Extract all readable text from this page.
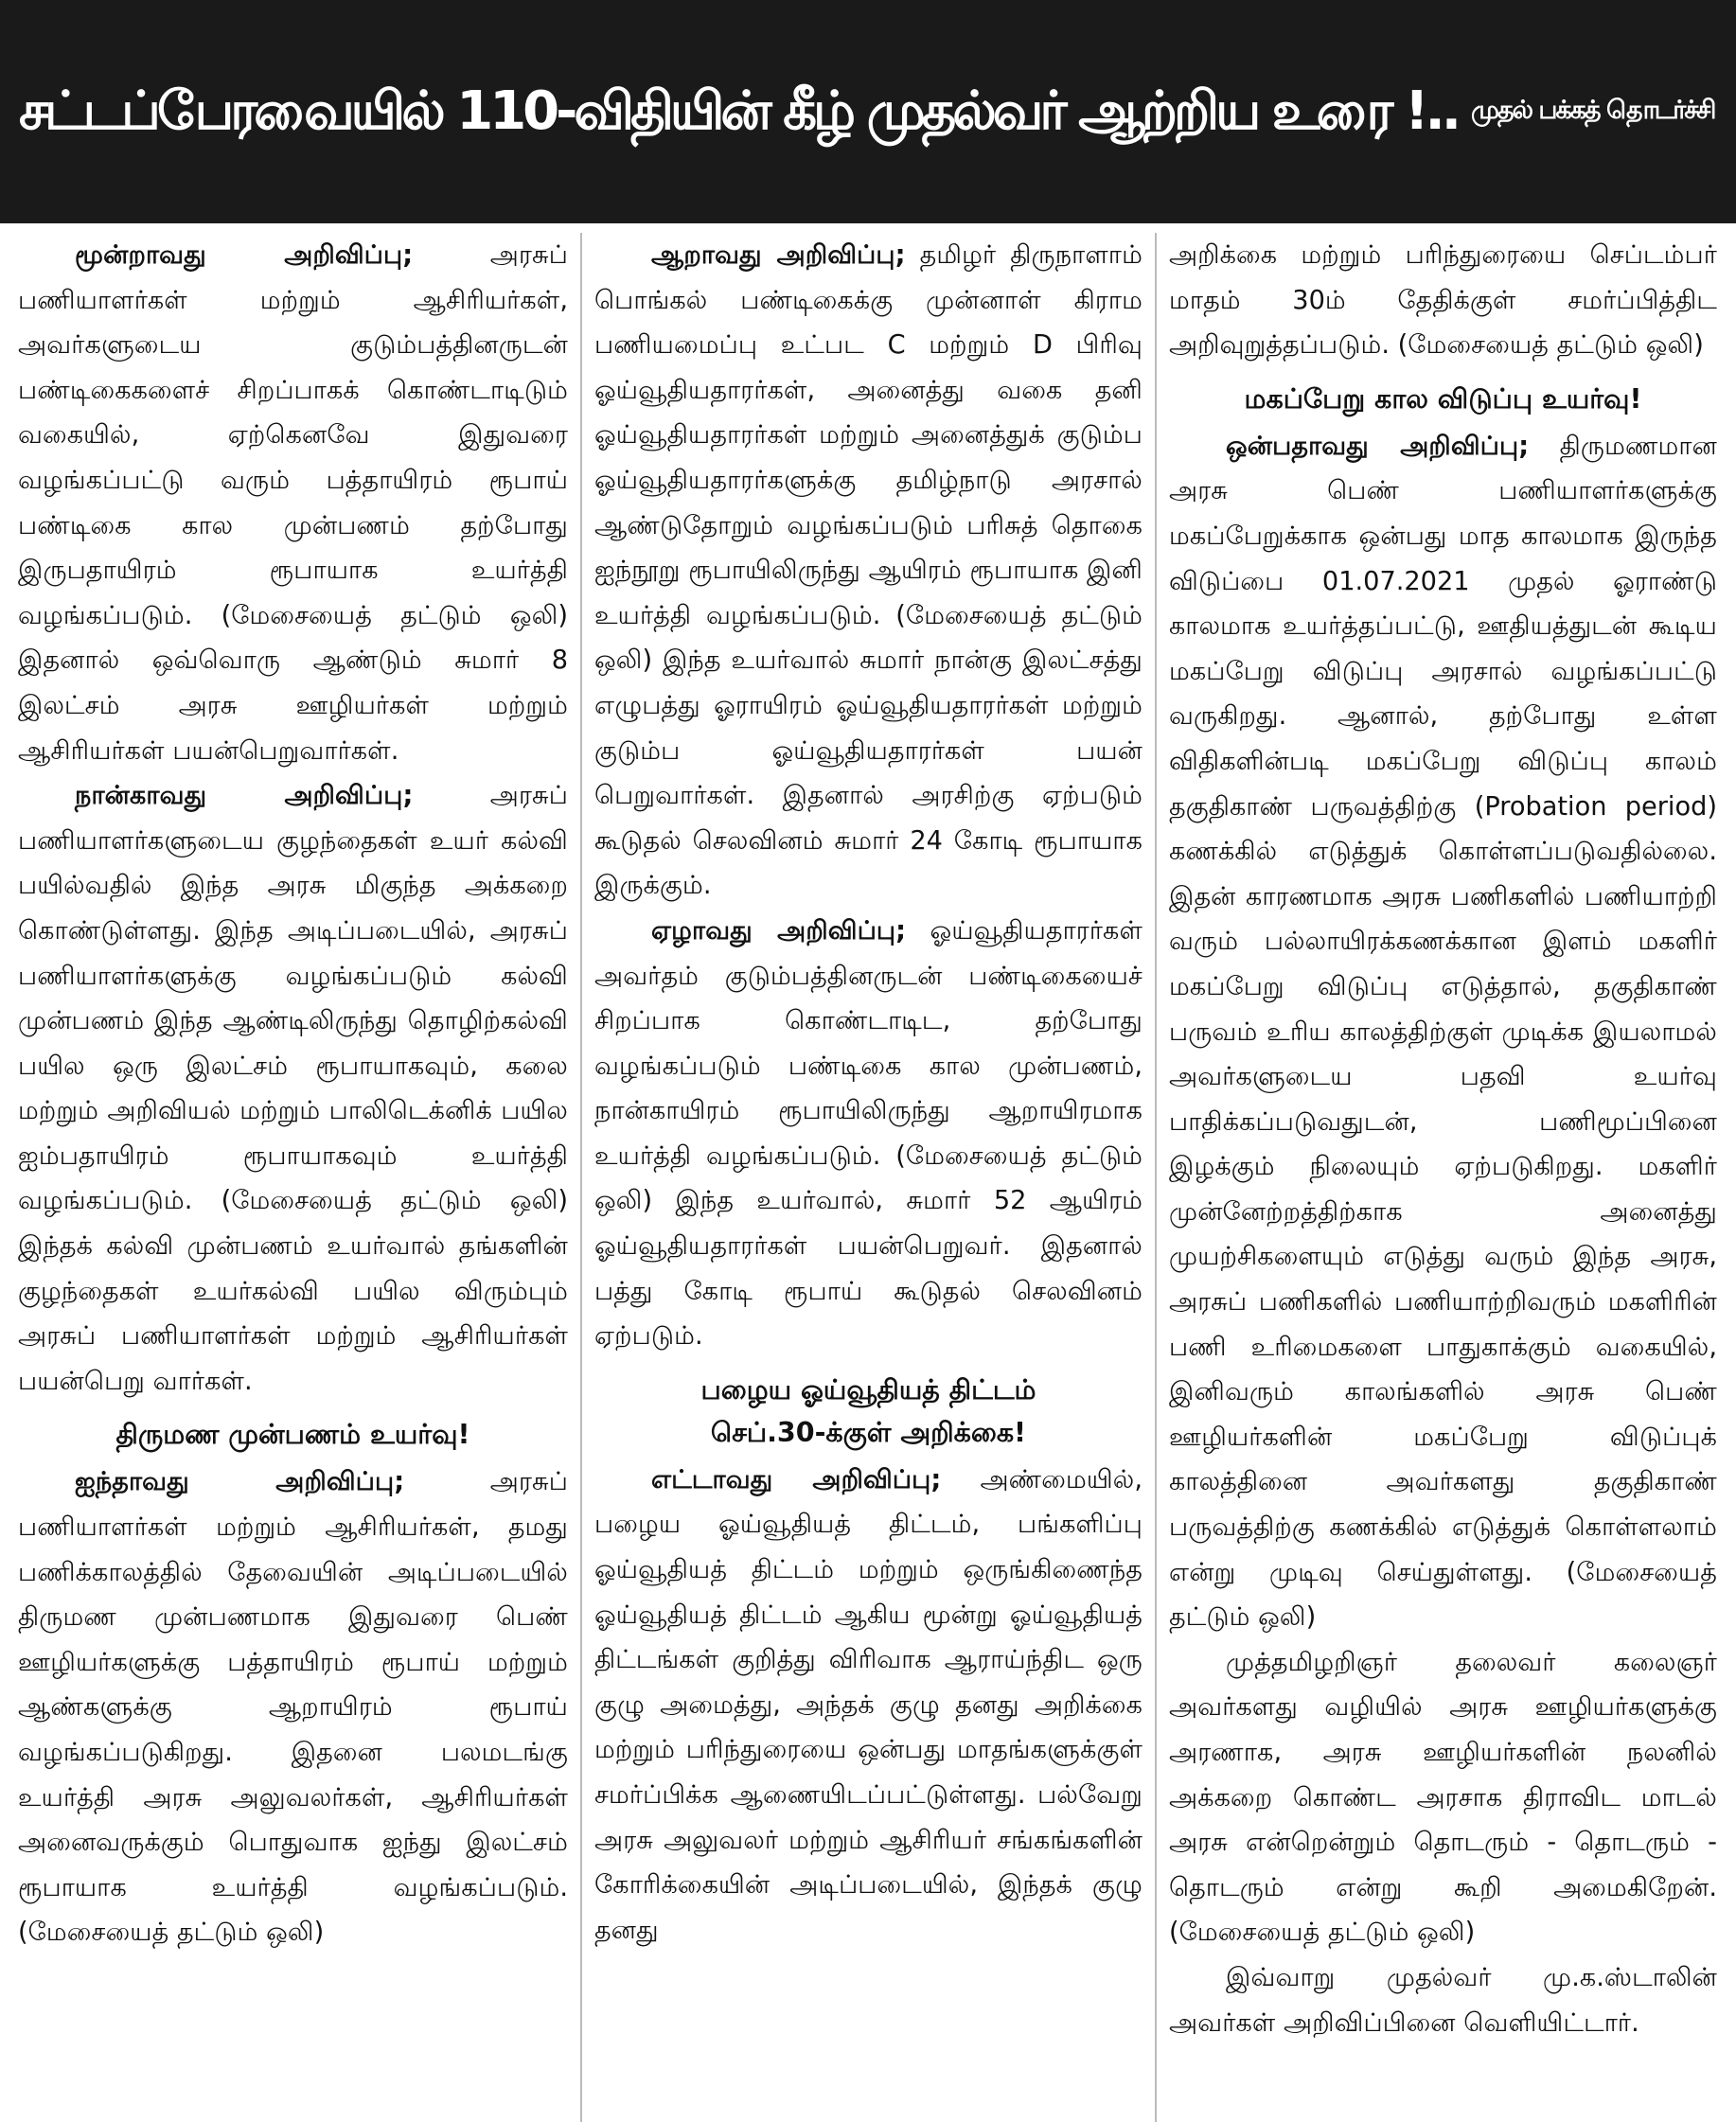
சட்டப்பேரவையில் 110-விதியின் கீழ் முதல்வர் ஆற்றிய உரை !.. முதல் பக்கத் தொடர்ச்சி

மூன்றாவது அறிவிப்பு; அரசுப் பணியாளர்கள் மற்றும் ஆசிரியர்கள், அவர்களுடைய குடும்பத்தினருடன் பண்டிகைகளைச் சிறப்பாகக் கொண்டாடிடும் வகையில், ஏற்கெனவே இதுவரை வழங்கப்பட்டு வரும் பத்தாயிரம் ரூபாய் பண்டிகை கால முன்பணம் தற்போது இருபதாயிரம் ரூபாயாக உயர்த்தி வழங்கப்படும். (மேசையைத் தட்டும் ஒலி) இதனால் ஒவ்வொரு ஆண்டும் சுமார் 8 இலட்சம் அரசு ஊழியர்கள் மற்றும் ஆசிரியர்கள் பயன்பெறுவார்கள்.

நான்காவது அறிவிப்பு; அரசுப் பணியாளர்களுடைய குழந்தைகள் உயர் கல்வி பயில்வதில் இந்த அரசு மிகுந்த அக்கறை கொண்டுள்ளது. இந்த அடிப்படையில், அரசுப் பணியாளர்களுக்கு வழங்கப்படும் கல்வி முன்பணம் இந்த ஆண்டிலிருந்து தொழிற்கல்வி பயில ஒரு இலட்சம் ரூபாயாகவும், கலை மற்றும் அறிவியல் மற்றும் பாலிடெக்னிக் பயில ஐம்பதாயிரம் ரூபாயாகவும் உயர்த்தி வழங்கப்படும். (மேசையைத் தட்டும் ஒலி) இந்தக் கல்வி முன்பணம் உயர்வால் தங்களின் குழந்தைகள் உயர்கல்வி பயில விரும்பும் அரசுப் பணியாளர்கள் மற்றும் ஆசிரியர்கள் பயன்பெறு வார்கள்.

திருமண முன்பணம் உயர்வு!

ஐந்தாவது அறிவிப்பு; அரசுப் பணியாளர்கள் மற்றும் ஆசிரியர்கள், தமது பணிக்காலத்தில் தேவையின் அடிப்படையில் திருமண முன்பணமாக இதுவரை பெண் ஊழியர்களுக்கு பத்தாயிரம் ரூபாய் மற்றும் ஆண்களுக்கு ஆறாயிரம் ரூபாய் வழங்கப்படுகிறது. இதனை பலமடங்கு உயர்த்தி அரசு அலுவலர்கள், ஆசிரியர்கள் அனைவருக்கும் பொதுவாக ஐந்து இலட்சம் ரூபாயாக உயர்த்தி வழங்கப்படும். (மேசையைத் தட்டும் ஒலி)

ஆறாவது அறிவிப்பு; தமிழர் திருநாளாம் பொங்கல் பண்டிகைக்கு முன்னாள் கிராம பணியமைப்பு உட்பட C மற்றும் D பிரிவு ஓய்வூதியதாரர்கள், அனைத்து வகை தனி ஓய்வூதியதாரர்கள் மற்றும் அனைத்துக் குடும்ப ஓய்வூதியதாரர்களுக்கு தமிழ்நாடு அரசால் ஆண்டுதோறும் வழங்கப்படும் பரிசுத் தொகை ஐந்நூறு ரூபாயிலிருந்து ஆயிரம் ரூபாயாக இனி உயர்த்தி வழங்கப்படும். (மேசையைத் தட்டும் ஒலி) இந்த உயர்வால் சுமார் நான்கு இலட்சத்து எழுபத்து ஓராயிரம் ஓய்வூதியதாரர்கள் மற்றும் குடும்ப ஓய்வூதியதாரர்கள் பயன் பெறுவார்கள். இதனால் அரசிற்கு ஏற்படும் கூடுதல் செலவினம் சுமார் 24 கோடி ரூபாயாக இருக்கும்.

ஏழாவது அறிவிப்பு; ஓய்வூதியதாரர்கள் அவர்தம் குடும்பத்தினருடன் பண்டிகையைச் சிறப்பாக கொண்டாடிட, தற்போது வழங்கப்படும் பண்டிகை கால முன்பணம், நான்காயிரம் ரூபாயிலிருந்து ஆறாயிரமாக உயர்த்தி வழங்கப்படும். (மேசையைத் தட்டும் ஒலி) இந்த உயர்வால், சுமார் 52 ஆயிரம் ஓய்வூதியதாரர்கள் பயன்பெறுவர். இதனால் பத்து கோடி ரூபாய் கூடுதல் செலவினம் ஏற்படும்.

பழைய ஓய்வூதியத் திட்டம்
செப்.30-க்குள் அறிக்கை!

எட்டாவது அறிவிப்பு; அண்மையில், பழைய ஓய்வூதியத் திட்டம், பங்களிப்பு ஓய்வூதியத் திட்டம் மற்றும் ஒருங்கிணைந்த ஓய்வூதியத் திட்டம் ஆகிய மூன்று ஓய்வூதியத் திட்டங்கள் குறித்து விரிவாக ஆராய்ந்திட ஒரு குழு அமைத்து, அந்தக் குழு தனது அறிக்கை மற்றும் பரிந்துரையை ஒன்பது மாதங்களுக்குள் சமர்ப்பிக்க ஆணையிடப்பட்டுள்ளது. பல்வேறு அரசு அலுவலர் மற்றும் ஆசிரியர் சங்கங்களின் கோரிக்கையின் அடிப்படையில், இந்தக் குழு தனது

அறிக்கை மற்றும் பரிந்துரையை செப்டம்பர் மாதம் 30ம் தேதிக்குள் சமர்ப்பித்திட அறிவுறுத்தப்படும். (மேசையைத் தட்டும் ஒலி)

மகப்பேறு கால விடுப்பு உயர்வு!

ஒன்பதாவது அறிவிப்பு; திருமணமான அரசு பெண் பணியாளர்களுக்கு மகப்பேறுக்காக ஒன்பது மாத காலமாக இருந்த விடுப்பை 01.07.2021 முதல் ஓராண்டு காலமாக உயர்த்தப்பட்டு, ஊதியத்துடன் கூடிய மகப்பேறு விடுப்பு அரசால் வழங்கப்பட்டு வருகிறது. ஆனால், தற்போது உள்ள விதிகளின்படி மகப்பேறு விடுப்பு காலம் தகுதிகாண் பருவத்திற்கு (Probation period) கணக்கில் எடுத்துக் கொள்ளப்படுவதில்லை. இதன் காரணமாக அரசு பணிகளில் பணியாற்றி வரும் பல்லாயிரக்கணக்கான இளம் மகளிர் மகப்பேறு விடுப்பு எடுத்தால், தகுதிகாண் பருவம் உரிய காலத்திற்குள் முடிக்க இயலாமல் அவர்களுடைய பதவி உயர்வு பாதிக்கப்படுவதுடன், பணிமூப்பினை இழக்கும் நிலையும் ஏற்படுகிறது. மகளிர் முன்னேற்றத்திற்காக அனைத்து முயற்சிகளையும் எடுத்து வரும் இந்த அரசு, அரசுப் பணிகளில் பணியாற்றிவரும் மகளிரின் பணி உரிமைகளை பாதுகாக்கும் வகையில், இனிவரும் காலங்களில் அரசு பெண் ஊழியர்களின் மகப்பேறு விடுப்புக் காலத்தினை அவர்களது தகுதிகாண் பருவத்திற்கு கணக்கில் எடுத்துக் கொள்ளலாம் என்று முடிவு செய்துள்ளது. (மேசையைத் தட்டும் ஒலி)

முத்தமிழறிஞர் தலைவர் கலைஞர் அவர்களது வழியில் அரசு ஊழியர்களுக்கு அரணாக, அரசு ஊழியர்களின் நலனில் அக்கறை கொண்ட அரசாக திராவிட மாடல் அரசு என்றென்றும் தொடரும் - தொடரும் - தொடரும் என்று கூறி அமைகிறேன். (மேசையைத் தட்டும் ஒலி)

இவ்வாறு முதல்வர் மு.க.ஸ்டாலின் அவர்கள் அறிவிப்பினை வெளியிட்டார்.
